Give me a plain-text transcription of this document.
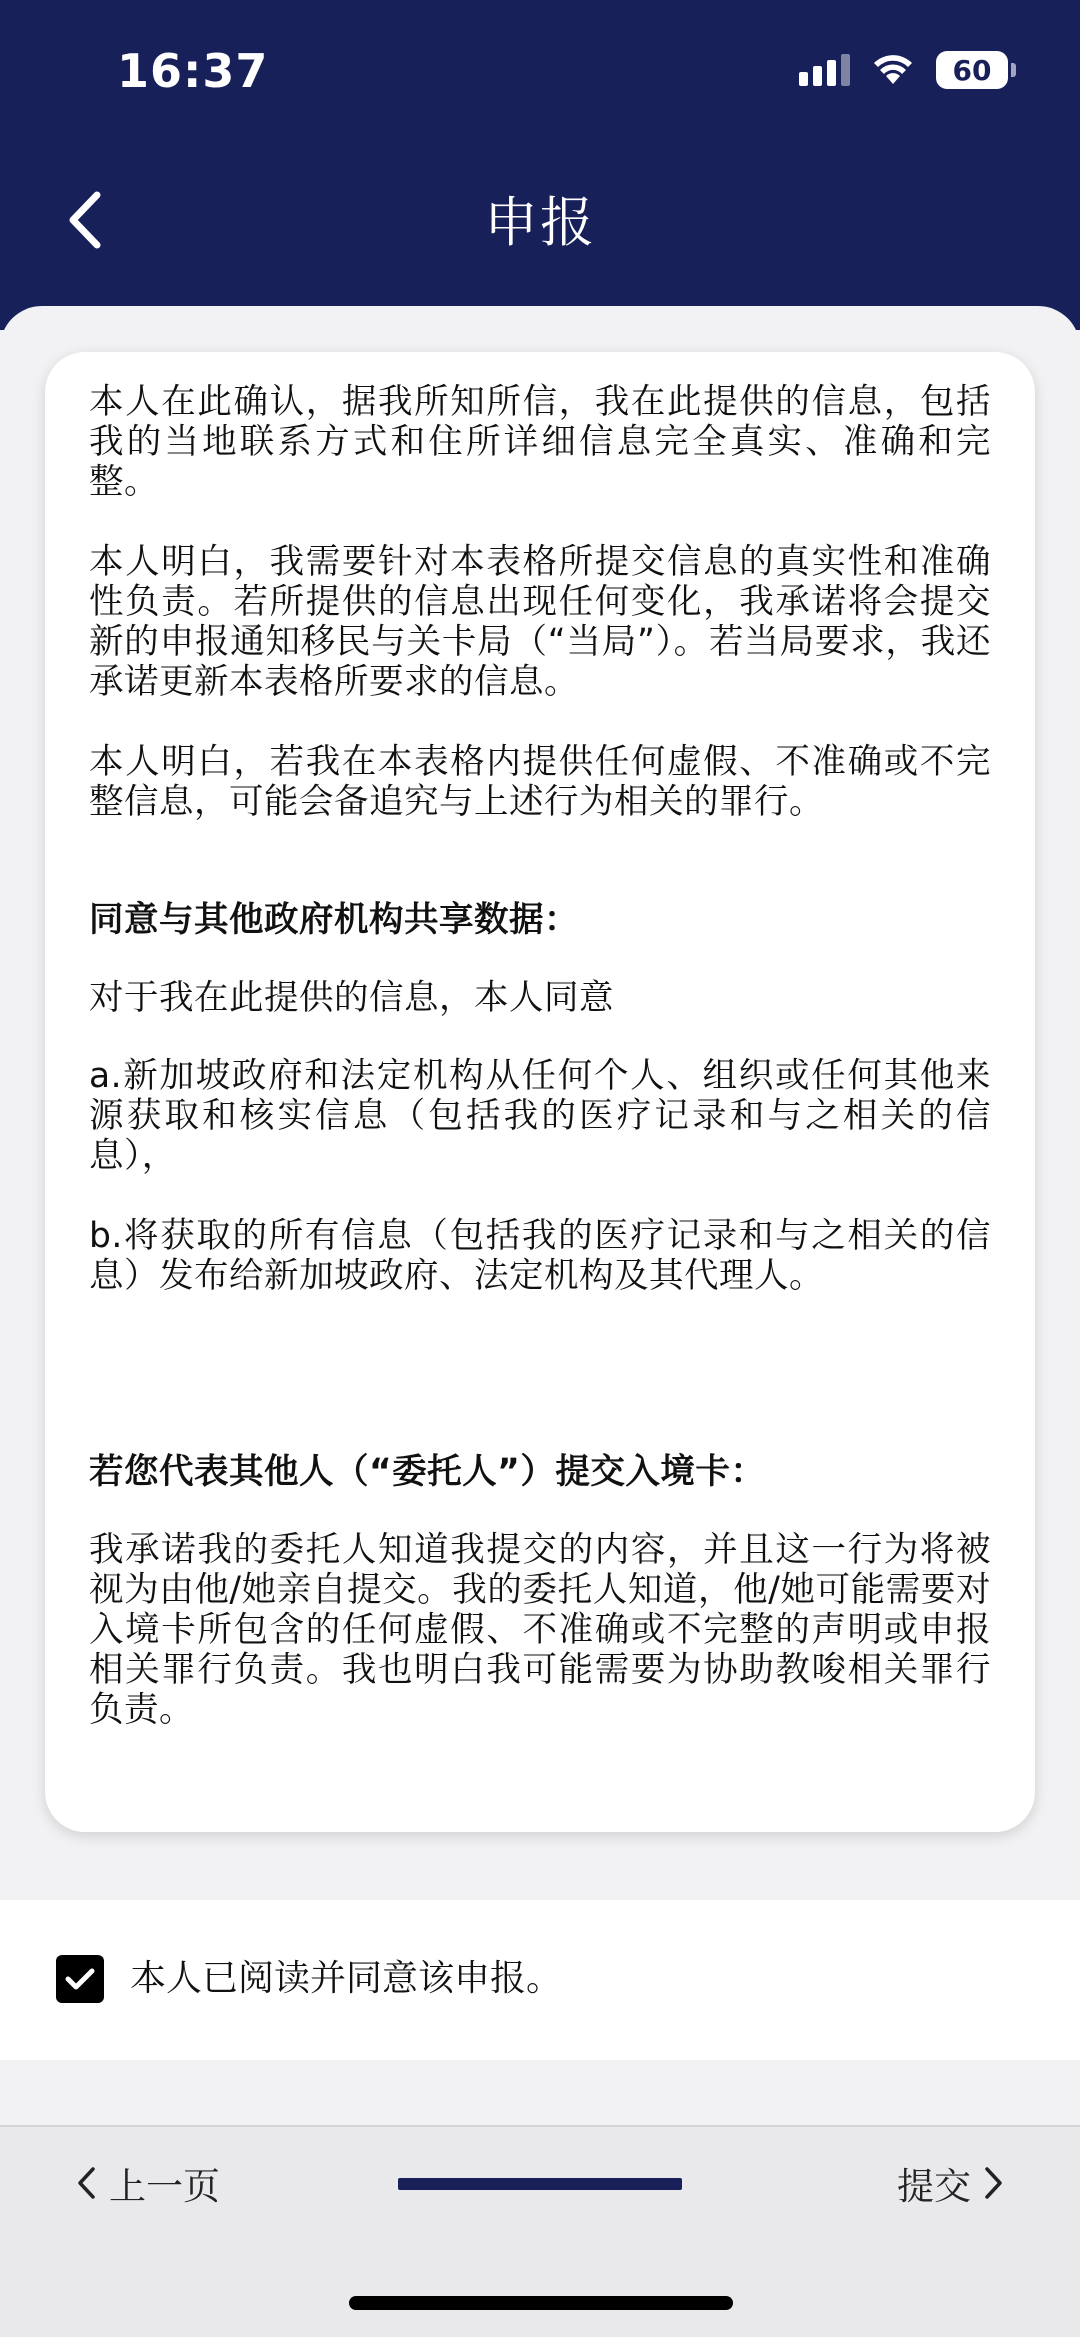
16:37	60
申报

本人在此确认，据我所知所信，我在此提供的信息，包括我的当地联系方式和住所详细信息完全真实、准确和完整。

本人明白，我需要针对本表格所提交信息的真实性和准确性负责。若所提供的信息出现任何变化，我承诺将会提交新的申报通知移民与关卡局（“当局”）。若当局要求，我还承诺更新本表格所要求的信息。

本人明白，若我在本表格内提供任何虚假、不准确或不完整信息，可能会备追究与上述行为相关的罪行。

同意与其他政府机构共享数据：

对于我在此提供的信息，本人同意

a.新加坡政府和法定机构从任何个人、组织或任何其他来源获取和核实信息（包括我的医疗记录和与之相关的信息），

b.将获取的所有信息（包括我的医疗记录和与之相关的信息）发布给新加坡政府、法定机构及其代理人。

若您代表其他人（“委托人”）提交入境卡：

我承诺我的委托人知道我提交的内容，并且这一行为将被视为由他/她亲自提交。我的委托人知道，他/她可能需要对入境卡所包含的任何虚假、不准确或不完整的声明或申报相关罪行负责。我也明白我可能需要为协助教唆相关罪行负责。

本人已阅读并同意该申报。
上一页	提交
